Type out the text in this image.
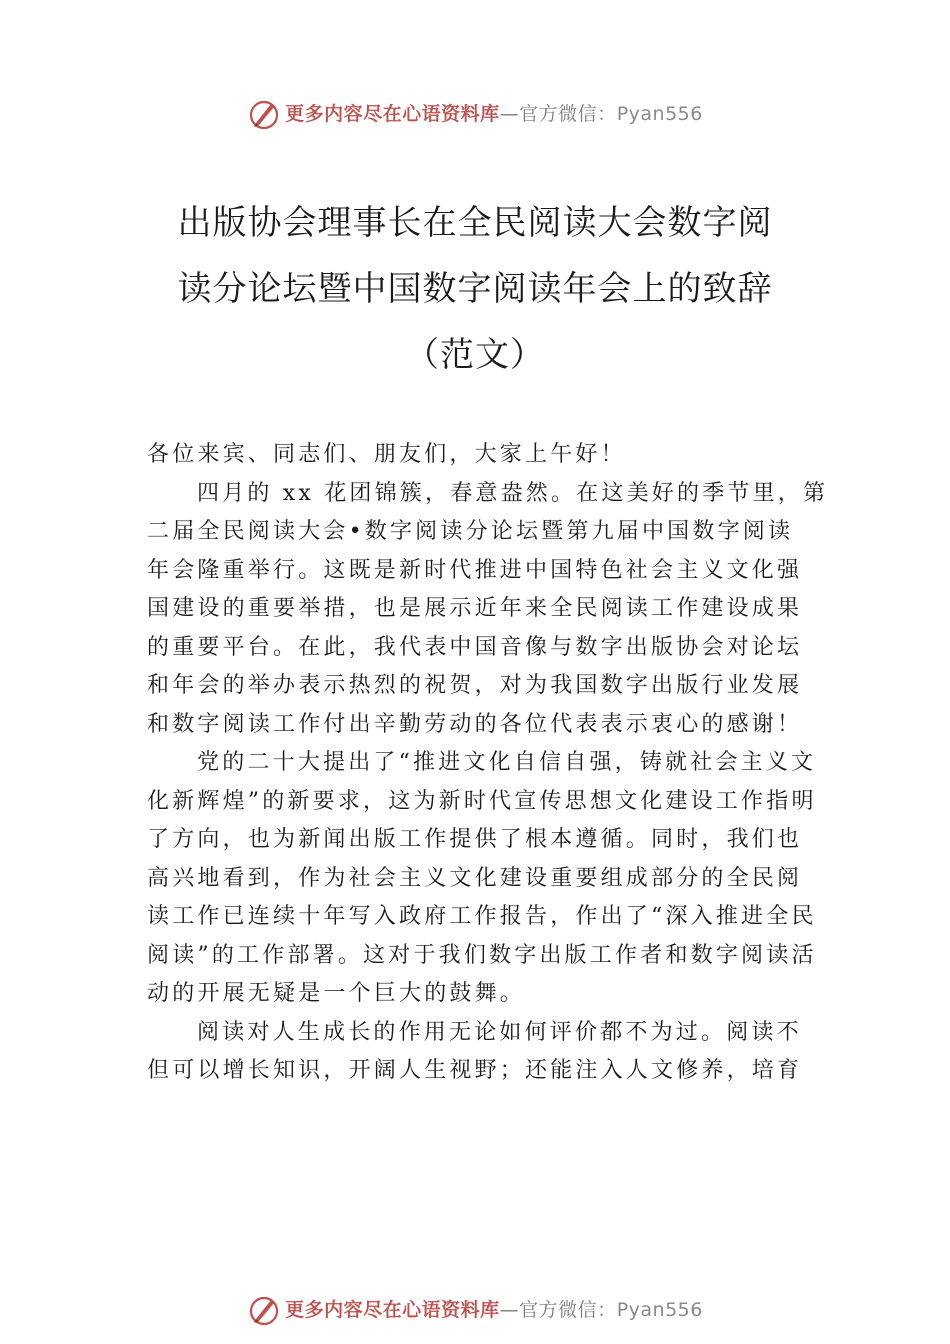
更多内容尽在心语资料库—官方微信：Pyan556
出版协会理事长在全民阅读大会数字阅
读分论坛暨中国数字阅读年会上的致辞
（范文）

各位来宾、同志们、朋友们，大家上午好！

四月的 xx 花团锦簇，春意盎然。在这美好的季节里，第

二届全民阅读大会•数字阅读分论坛暨第九届中国数字阅读

年会隆重举行。这既是新时代推进中国特色社会主义文化强

国建设的重要举措，也是展示近年来全民阅读工作建设成果的重要平台。在此，我代表中国音像与数字出版协会对论坛和年会的举办表示热烈的祝贺，对为我国数字出版行业发展和数字阅读工作付出辛勤劳动的各位代表表示衷心的感谢！

党的二十大提出了“推进文化自信自强，铸就社会主义文化新辉煌”的新要求，这为新时代宣传思想文化建设工作指明了方向，也为新闻出版工作提供了根本遵循。同时，我们也高兴地看到，作为社会主义文化建设重要组成部分的全民阅读工作已连续十年写入政府工作报告，作出了“深入推进全民阅读”的工作部署。这对于我们数字出版工作者和数字阅读活动的开展无疑是一个巨大的鼓舞。

阅读对人生成长的作用无论如何评价都不为过。阅读不但可以增长知识，开阔人生视野；还能注入人文修养，培育

更多内容尽在心语资料库—官方微信：Pyan556
